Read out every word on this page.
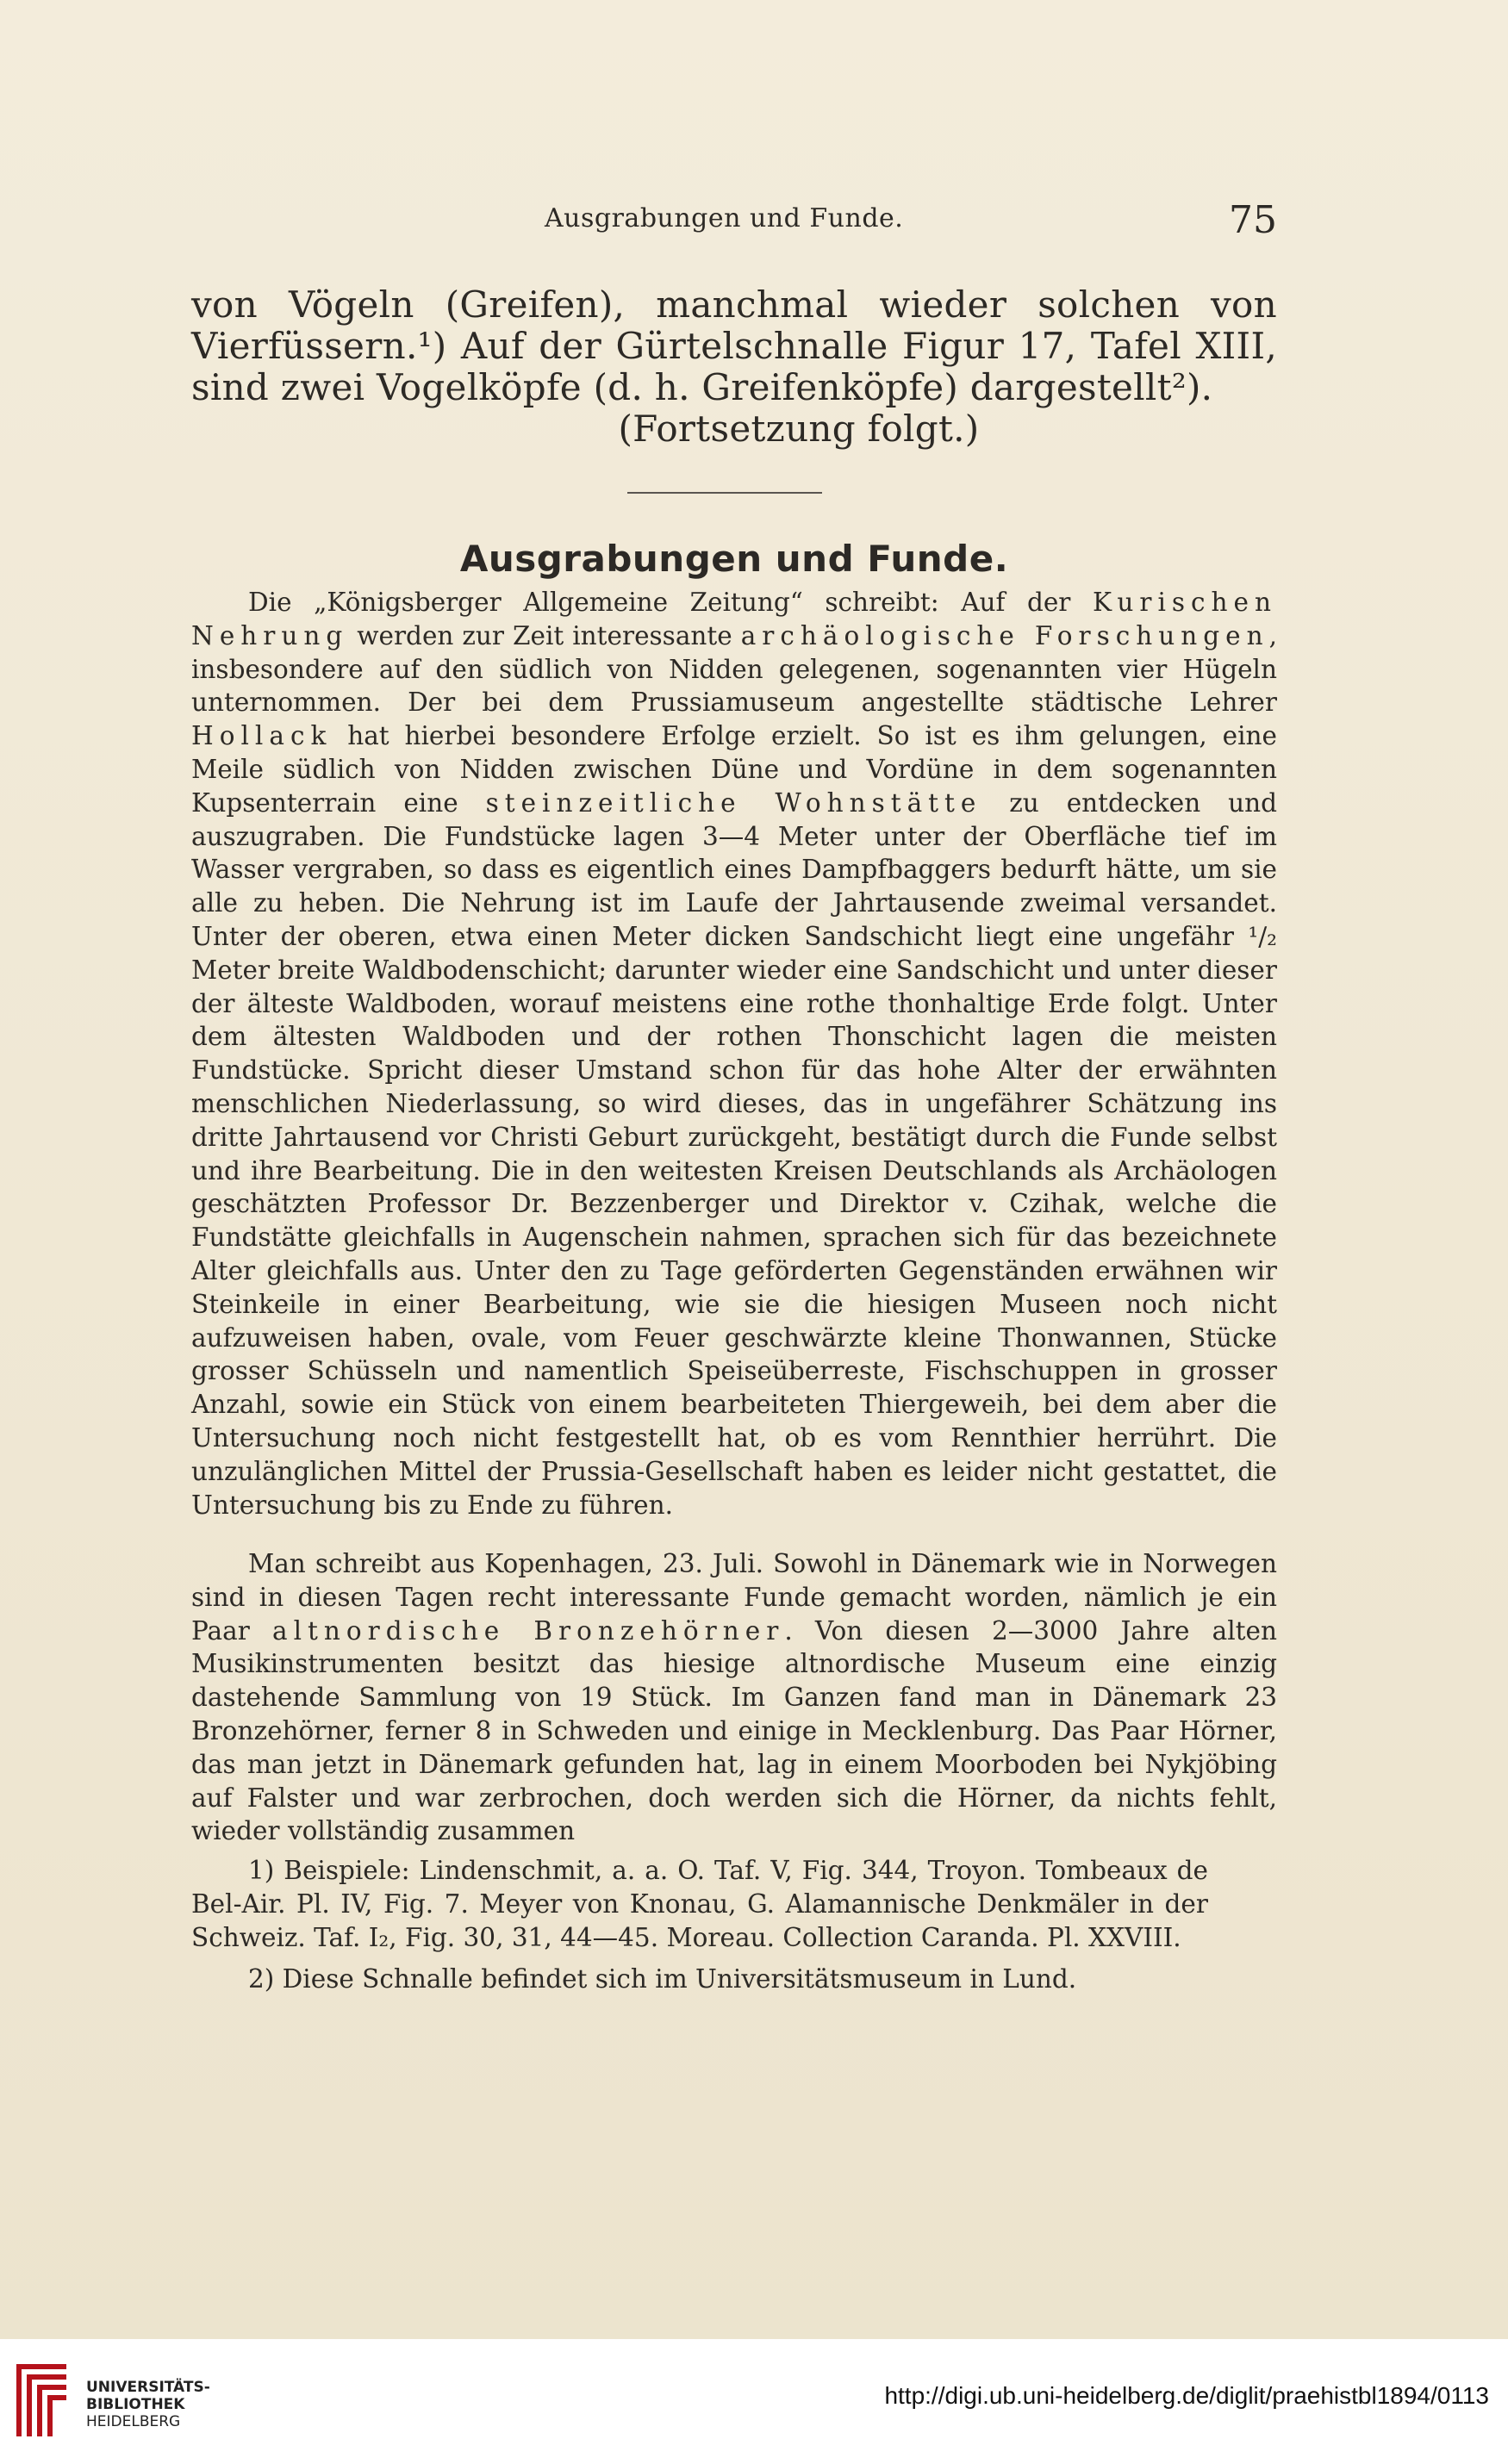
Ausgrabungen und Funde.	75

von Vögeln (Greifen), manchmal wieder solchen von Vierfüssern.¹) Auf der Gürtelschnalle Figur 17, Tafel XIII, sind zwei Vogelköpfe (d. h. Greifenköpfe) dargestellt²).

(Fortsetzung folgt.)

Ausgrabungen und Funde.

Die „Königsberger Allgemeine Zeitung“ schreibt: Auf der Kurischen Nehrung werden zur Zeit interessante archäologische Forschungen, insbesondere auf den südlich von Nidden gelegenen, sogenannten vier Hügeln unternommen. Der bei dem Prussiamuseum angestellte städtische Lehrer Hollack hat hierbei besondere Erfolge erzielt. So ist es ihm gelungen, eine Meile südlich von Nidden zwischen Düne und Vordüne in dem sogenannten Kupsenterrain eine steinzeitliche Wohnstätte zu entdecken und auszugraben. Die Fundstücke lagen 3—4 Meter unter der Oberfläche tief im Wasser vergraben, so dass es eigentlich eines Dampfbaggers bedurft hätte, um sie alle zu heben. Die Nehrung ist im Laufe der Jahrtausende zweimal versandet. Unter der oberen, etwa einen Meter dicken Sandschicht liegt eine ungefähr ¹/₂ Meter breite Waldbodenschicht; darunter wieder eine Sandschicht und unter dieser der älteste Waldboden, worauf meistens eine rothe thonhaltige Erde folgt. Unter dem ältesten Waldboden und der rothen Thonschicht lagen die meisten Fundstücke. Spricht dieser Umstand schon für das hohe Alter der erwähnten menschlichen Niederlassung, so wird dieses, das in ungefährer Schätzung ins dritte Jahrtausend vor Christi Geburt zurückgeht, bestätigt durch die Funde selbst und ihre Bearbeitung. Die in den weitesten Kreisen Deutschlands als Archäologen geschätzten Professor Dr. Bezzenberger und Direktor v. Czihak, welche die Fundstätte gleichfalls in Augenschein nahmen, sprachen sich für das bezeichnete Alter gleichfalls aus. Unter den zu Tage geförderten Gegenständen erwähnen wir Steinkeile in einer Bearbeitung, wie sie die hiesigen Museen noch nicht aufzuweisen haben, ovale, vom Feuer geschwärzte kleine Thonwannen, Stücke grosser Schüsseln und namentlich Speiseüberreste, Fischschuppen in grosser Anzahl, sowie ein Stück von einem bearbeiteten Thiergeweih, bei dem aber die Untersuchung noch nicht festgestellt hat, ob es vom Rennthier herrührt. Die unzulänglichen Mittel der Prussia-Gesellschaft haben es leider nicht gestattet, die Untersuchung bis zu Ende zu führen.

Man schreibt aus Kopenhagen, 23. Juli. Sowohl in Dänemark wie in Norwegen sind in diesen Tagen recht interessante Funde gemacht worden, nämlich je ein Paar altnordische Bronzehörner. Von diesen 2—3000 Jahre alten Musikinstrumenten besitzt das hiesige altnordische Museum eine einzig dastehende Sammlung von 19 Stück. Im Ganzen fand man in Dänemark 23 Bronzehörner, ferner 8 in Schweden und einige in Mecklenburg. Das Paar Hörner, das man jetzt in Dänemark gefunden hat, lag in einem Moorboden bei Nykjöbing auf Falster und war zerbrochen, doch werden sich die Hörner, da nichts fehlt, wieder vollständig zusammen

1) Beispiele: Lindenschmit, a. a. O. Taf. V, Fig. 344, Troyon. Tombeaux de Bel-Air. Pl. IV, Fig. 7. Meyer von Knonau, G. Alamannische Denkmäler in der Schweiz. Taf. I₂, Fig. 30, 31, 44—45. Moreau. Collection Caranda. Pl. XXVIII.

2) Diese Schnalle befindet sich im Universitätsmuseum in Lund.

UNIVERSITÄTS-
BIBLIOTHEK
HEIDELBERG
http://digi.ub.uni-heidelberg.de/diglit/praehistbl1894/0113
